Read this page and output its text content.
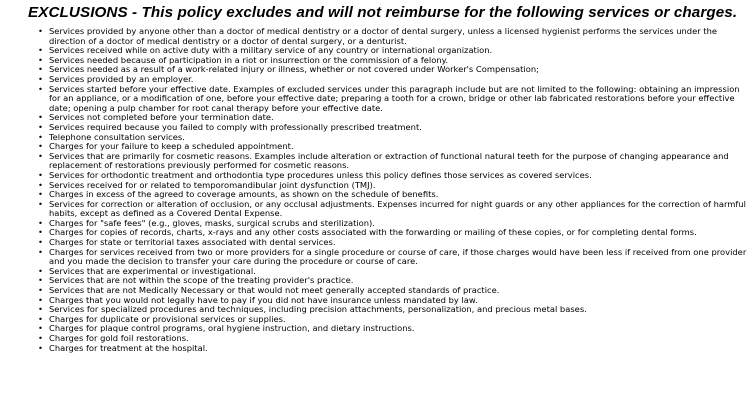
EXCLUSIONS - This policy excludes and will not reimburse for the following services or charges.
• Services provided by anyone other than a doctor of medical dentistry or a doctor of dental surgery, unless a licensed hygienist performs the services under the direction of a doctor of medical dentistry or a doctor of dental surgery, or a denturist.
• Services received while on active duty with a military service of any country or international organization.
• Services needed because of participation in a riot or insurrection or the commission of a felony.
• Services needed as a result of a work-related injury or illness, whether or not covered under Worker's Compensation;
• Services provided by an employer.
• Services started before your effective date. Examples of excluded services under this paragraph include but are not limited to the following: obtaining an impression for an appliance, or a modification of one, before your effective date; preparing a tooth for a crown, bridge or other lab fabricated restorations before your effective date; opening a pulp chamber for root canal therapy before your effective date.
• Services not completed before your termination date.
• Services required because you failed to comply with professionally prescribed treatment.
• Telephone consultation services.
• Charges for your failure to keep a scheduled appointment.
• Services that are primarily for cosmetic reasons. Examples include alteration or extraction of functional natural teeth for the purpose of changing appearance and replacement of restorations previously performed for cosmetic reasons.
• Services for orthodontic treatment and orthodontia type procedures unless this policy defines those services as covered services.
• Services received for or related to temporomandibular joint dysfunction (TMJ).
• Charges in excess of the agreed to coverage amounts, as shown on the schedule of benefits.
• Services for correction or alteration of occlusion, or any occlusal adjustments. Expenses incurred for night guards or any other appliances for the correction of harmful habits, except as defined as a Covered Dental Expense.
• Charges for "safe fees" (e.g., gloves, masks, surgical scrubs and sterilization).
• Charges for copies of records, charts, x-rays and any other costs associated with the forwarding or mailing of these copies, or for completing dental forms.
• Charges for state or territorial taxes associated with dental services.
• Charges for services received from two or more providers for a single procedure or course of care, if those charges would have been less if received from one provider and you made the decision to transfer your care during the procedure or course of care.
• Services that are experimental or investigational.
• Services that are not within the scope of the treating provider's practice.
• Services that are not Medically Necessary or that would not meet generally accepted standards of practice.
• Charges that you would not legally have to pay if you did not have insurance unless mandated by law.
• Services for specialized procedures and techniques, including precision attachments, personalization, and precious metal bases.
• Charges for duplicate or provisional services or supplies.
• Charges for plaque control programs, oral hygiene instruction, and dietary instructions.
• Charges for gold foil restorations.
• Charges for treatment at the hospital.
